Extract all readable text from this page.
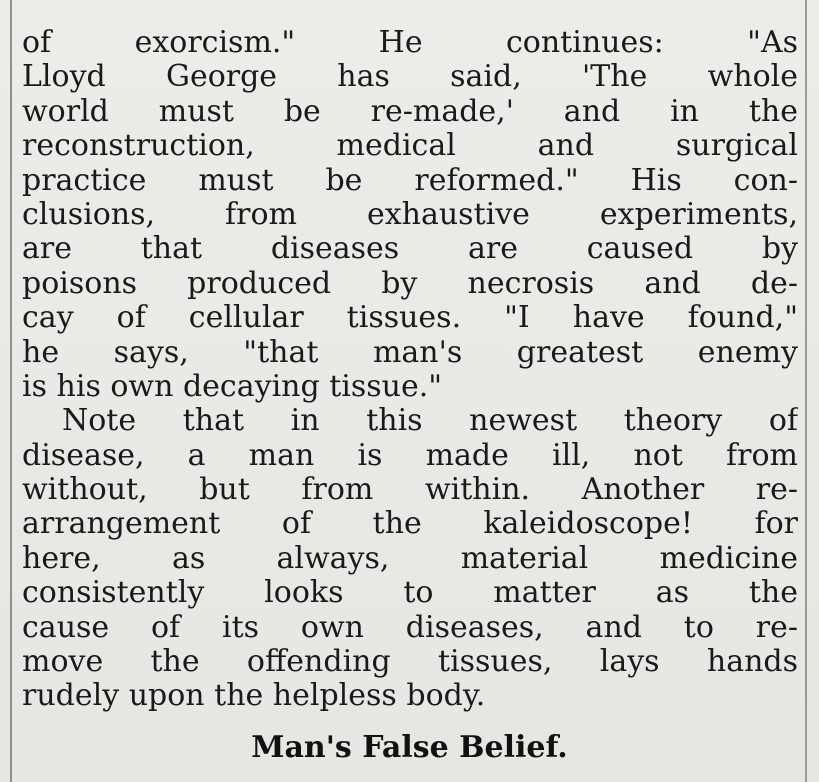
of exorcism." He continues: "As
Lloyd George has said, 'The whole
world must be re-made,' and in the
reconstruction, medical and surgical
practice must be reformed." His con-
clusions, from exhaustive experiments,
are that diseases are caused by
poisons produced by necrosis and de-
cay of cellular tissues. "I have found,"
he says, "that man's greatest enemy
is his own decaying tissue."
Note that in this newest theory of
disease, a man is made ill, not from
without, but from within. Another re-
arrangement of the kaleidoscope! for
here, as always, material medicine
consistently looks to matter as the
cause of its own diseases, and to re-
move the offending tissues, lays hands
rudely upon the helpless body.
Man's False Belief.
